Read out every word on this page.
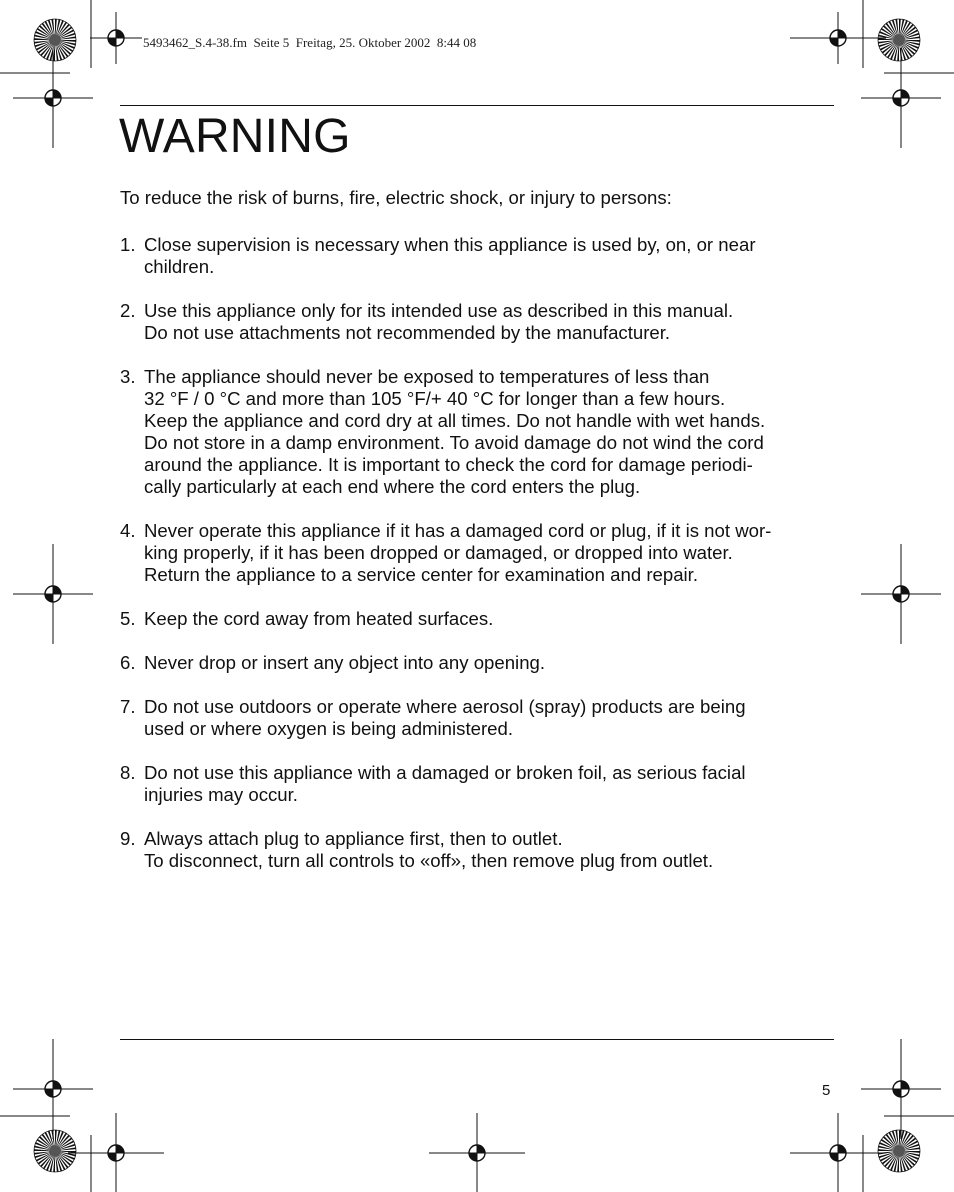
5493462_S.4-38.fm  Seite 5  Freitag, 25. Oktober 2002  8:44 08
WARNING

To reduce the risk of burns, fire, electric shock, or injury to persons:

1. Close supervision is necessary when this appliance is used by, on, or near
children.
2. Use this appliance only for its intended use as described in this manual.
Do not use attachments not recommended by the manufacturer.
3. The appliance should never be exposed to temperatures of less than
32 °F / 0 °C and more than 105 °F/+ 40 °C for longer than a few hours.
Keep the appliance and cord dry at all times. Do not handle with wet hands.
Do not store in a damp environment. To avoid damage do not wind the cord
around the appliance. It is important to check the cord for damage periodi-
cally particularly at each end where the cord enters the plug.
4. Never operate this appliance if it has a damaged cord or plug, if it is not wor-
king properly, if it has been dropped or damaged, or dropped into water.
Return the appliance to a service center for examination and repair.
5. Keep the cord away from heated surfaces.
6. Never drop or insert any object into any opening.
7. Do not use outdoors or operate where aerosol (spray) products are being
used or where oxygen is being administered.
8. Do not use this appliance with a damaged or broken foil, as serious facial
injuries may occur.
9. Always attach plug to appliance first, then to outlet.
To disconnect, turn all controls to «off», then remove plug from outlet.
5
